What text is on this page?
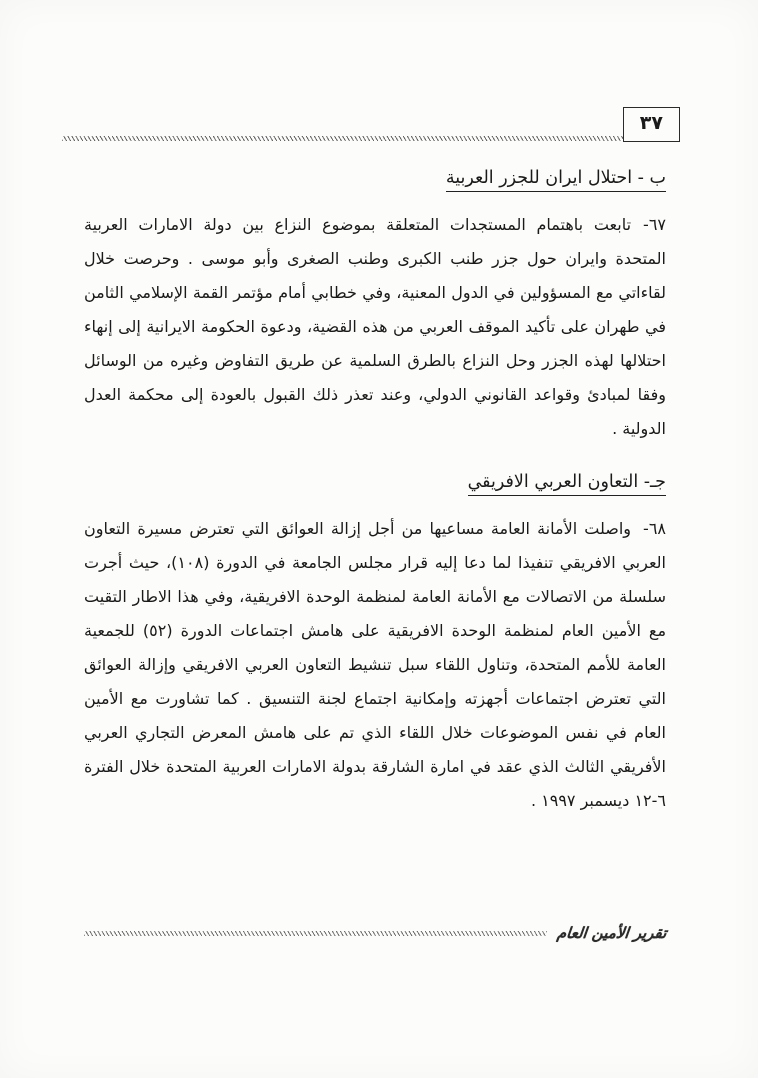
٣٧
ب - احتلال ايران للجزر العربية

٦٧-تابعت باهتمام المستجدات المتعلقة بموضوع النزاع بين دولة الامارات العربية المتحدة وايران حول جزر طنب الكبرى وطنب الصغرى وأبو موسى . وحرصت خلال لقاءاتي مع المسؤولين في الدول المعنية، وفي خطابي أمام مؤتمر القمة الإسلامي الثامن في طهران على تأكيد الموقف العربي من هذه القضية، ودعوة الحكومة الايرانية إلى إنهاء احتلالها لهذه الجزر وحل النزاع بالطرق السلمية عن طريق التفاوض وغيره من الوسائل وفقا لمبادئ وقواعد القانوني الدولي، وعند تعذر ذلك القبول بالعودة إلى محكمة العدل الدولية .

جـ- التعاون العربي الافريقي

٦٨-واصلت الأمانة العامة مساعيها من أجل إزالة العوائق التي تعترض مسيرة التعاون العربي الافريقي تنفيذا لما دعا إليه قرار مجلس الجامعة في الدورة (١٠٨)، حيث أجرت سلسلة من الاتصالات مع الأمانة العامة لمنظمة الوحدة الافريقية، وفي هذا الاطار التقيت مع الأمين العام لمنظمة الوحدة الافريقية على هامش اجتماعات الدورة (٥٢) للجمعية العامة للأمم المتحدة، وتناول اللقاء سبل تنشيط التعاون العربي الافريقي وإزالة العوائق التي تعترض اجتماعات أجهزته وإمكانية اجتماع لجنة التنسيق . كما تشاورت مع الأمين العام في نفس الموضوعات خلال اللقاء الذي تم على هامش المعرض التجاري العربي الأفريقي الثالث الذي عقد في امارة الشارقة بدولة الامارات العربية المتحدة خلال الفترة ٦-١٢ ديسمبر ١٩٩٧ .

تقرير الأمين العام
